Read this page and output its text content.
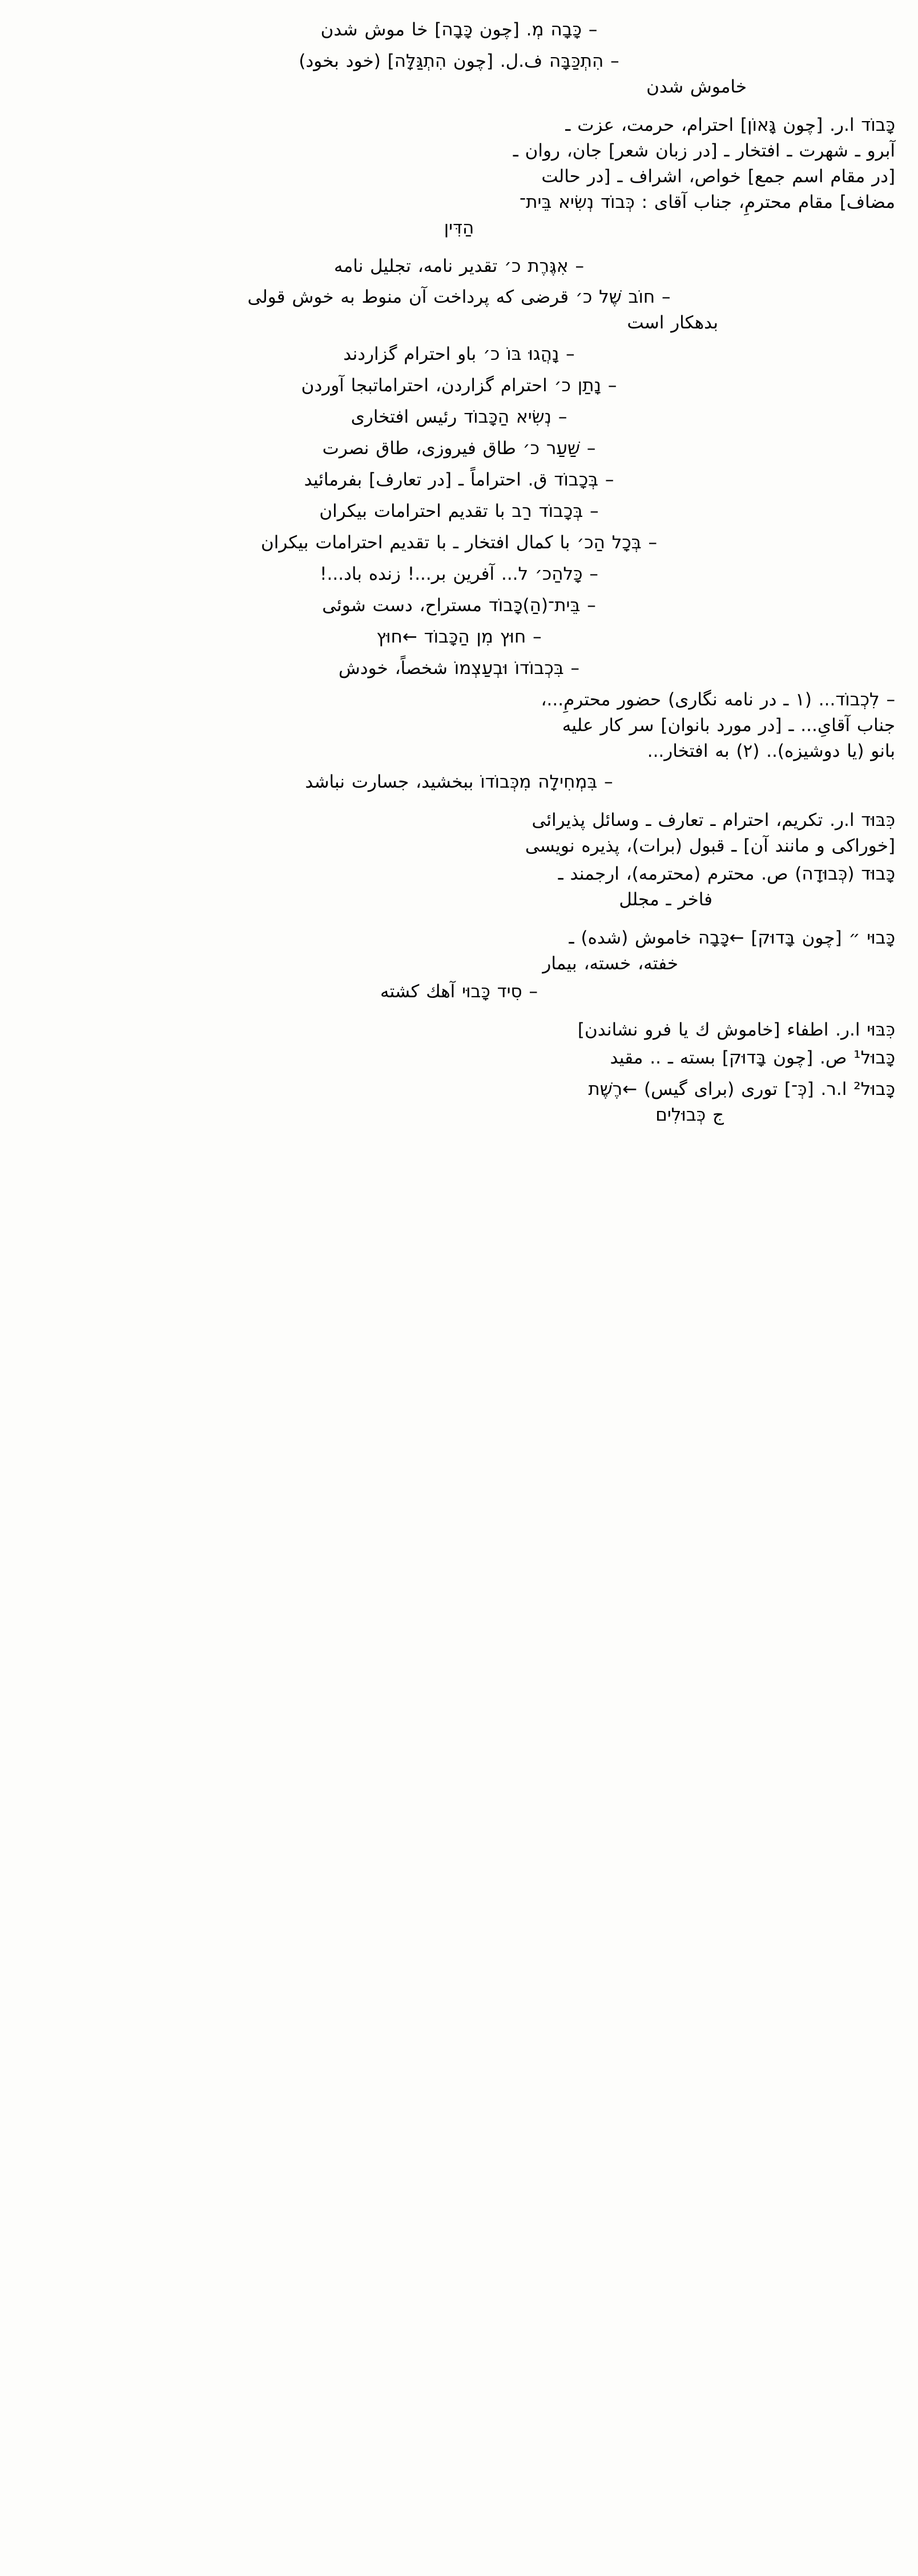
– כָּבָה מְ. [چون כָּבָה] خا موش شدن
– הִתְכַּבָּה ف.ل. [چون הִתְגַּלָּה] (خود بخود)
خاموش شدن
כָּבוֹד ا.ر. [چون גָּאוֹן] احترام، حرمت، عزت ـ
آبرو ـ شهرت ـ افتخار ـ [در زبان شعر] جان، روان ـ
[در مقام اسم جمع] خواص، اشراف ـ [در حالت
مضاف] مقام محترمِ، جناب آقای : כְּבוֹד נְשִׂיא בֵּית־
הַדִּין
– אִגֶּרֶת כ׳ تقدیر نامه، تجلیل نامه
– חוֹב שֶׁל כ׳ قرضی که پرداخت آن منوط به خوش قولی
بدهکار است
– נָהֲגוּ בּוֹ כ׳ باو احترام گزاردند
– נָתַן כ׳ احترام گزاردن، احتراماتبجا آوردن
– נְשִׂיא הַכָּבוֹד رئیس افتخاری
– שַׁעַר כ׳ طاق فیروزی، طاق نصرت
– בְּכָבוֹד ق. احتراماً ـ [در تعارف] بفرمائید
– בְּכָבוֹד רַב با تقدیم احترامات بیکران
– בְּכָל הַכ׳ با کمال افتخار ـ با تقدیم احترامات بیکران
– כָּלהַכ׳ ל... آفرین بر...! زنده باد...!
– בֵּית־(הַ)כָּבוֹד مستراح، دست شوئی
– חוּץ מִן הַכָּבוֹד ←חוּץ
– בִּכְבוֹדוֹ וּבְעַצְמוֹ شخصاً، خودش
– לִכְבוֹד... (۱ ـ در نامه نگاری) حضور محترمِ...،
جناب آقایِ... ـ [در مورد بانوان] سر کار علیه
بانو (یا دوشیزه).. (۲) به افتخار...
– בִּמְחִילָה מִכְּבוֹדוֹ ببخشید، جسارت نباشد
כִּבּוּד ا.ر. تکریم، احترام ـ تعارف ـ وسائل پذیرائی
[خوراکی و مانند آن] ـ قبول (برات)، پذیره نویسی
כָּבוּד (כְּבוּדָה) ص. محترم (محترمه)، ارجمند ـ
فاخر ـ مجلل
כָּבוּי ״ [چون בָּדוּק] ←כָּבָה خاموش (شده) ـ
خفته، خسته، بیمار
– סִיד כָּבוּי آهك کشته
כִּבּוּי ا.ر. اطفاء [خاموش ك یا فرو نشاندن]
כָּבוּל¹ ص. [چون בָּדוּק] بسته ـ .. مقید
כָּבוּל² ا.ר. [כְּ־] توری (برای گیس) ←רֶשֶׁת
ج כְּבוּלִים
